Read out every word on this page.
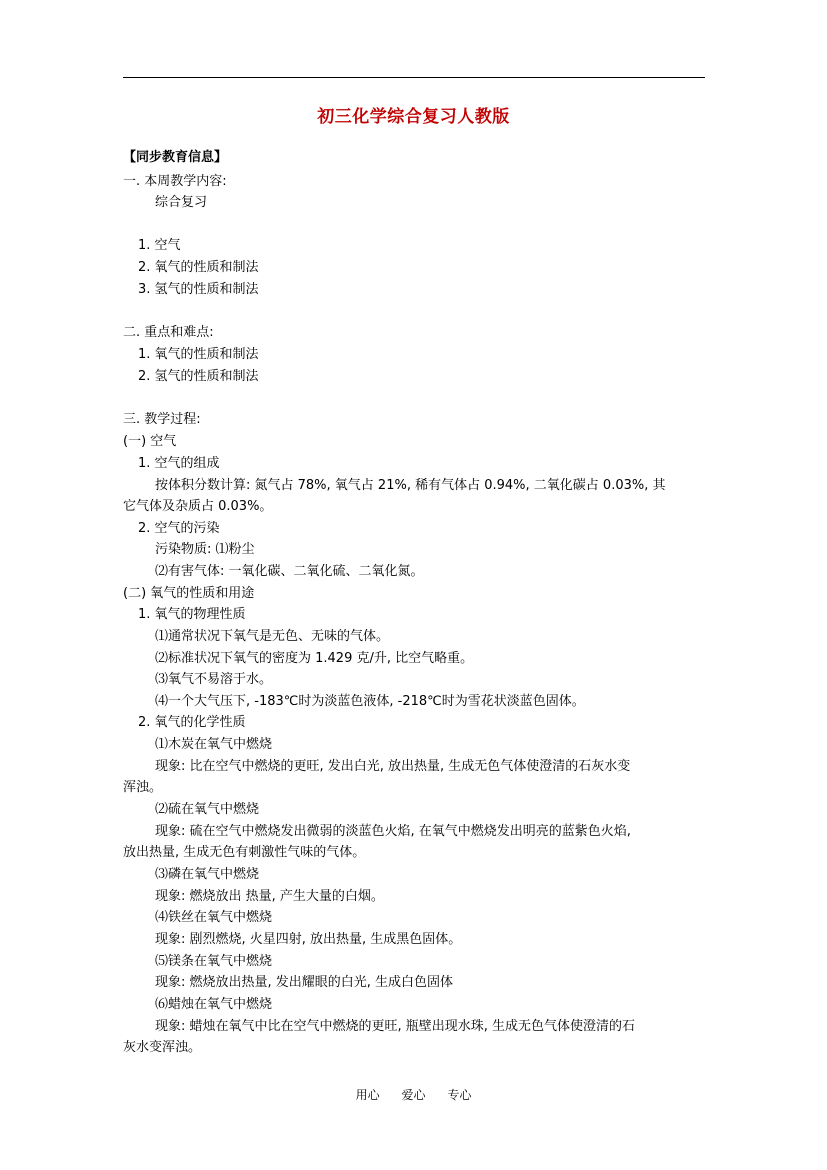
初三化学综合复习人教版
【同步教育信息】
一. 本周教学内容:
综合复习
1. 空气
2. 氧气的性质和制法
3. 氢气的性质和制法
二. 重点和难点:
1. 氧气的性质和制法
2. 氢气的性质和制法
三. 教学过程:
(一) 空气
1. 空气的组成
按体积分数计算: 氮气占 78%, 氧气占 21%, 稀有气体占 0.94%, 二氧化碳占 0.03%, 其
它气体及杂质占 0.03%。
2. 空气的污染
污染物质: ⑴粉尘
⑵有害气体: 一氧化碳、二氧化硫、二氧化氮。
(二) 氧气的性质和用途
1. 氧气的物理性质
⑴通常状况下氧气是无色、无味的气体。
⑵标准状况下氧气的密度为 1.429 克/升, 比空气略重。
⑶氧气不易溶于水。
⑷一个大气压下, -183℃时为淡蓝色液体, -218℃时为雪花状淡蓝色固体。
2. 氧气的化学性质
⑴木炭在氧气中燃烧
现象: 比在空气中燃烧的更旺, 发出白光, 放出热量, 生成无色气体使澄清的石灰水变
浑浊。
⑵硫在氧气中燃烧
现象: 硫在空气中燃烧发出微弱的淡蓝色火焰, 在氧气中燃烧发出明亮的蓝紫色火焰,
放出热量, 生成无色有刺激性气味的气体。
⑶磷在氧气中燃烧
现象: 燃烧放出 热量, 产生大量的白烟。
⑷铁丝在氧气中燃烧
现象: 剧烈燃烧, 火星四射, 放出热量, 生成黑色固体。
⑸镁条在氧气中燃烧
现象: 燃烧放出热量, 发出耀眼的白光, 生成白色固体
⑹蜡烛在氧气中燃烧
现象: 蜡烛在氧气中比在空气中燃烧的更旺, 瓶壁出现水珠, 生成无色气体使澄清的石
灰水变浑浊。
用心 爱心 专心
